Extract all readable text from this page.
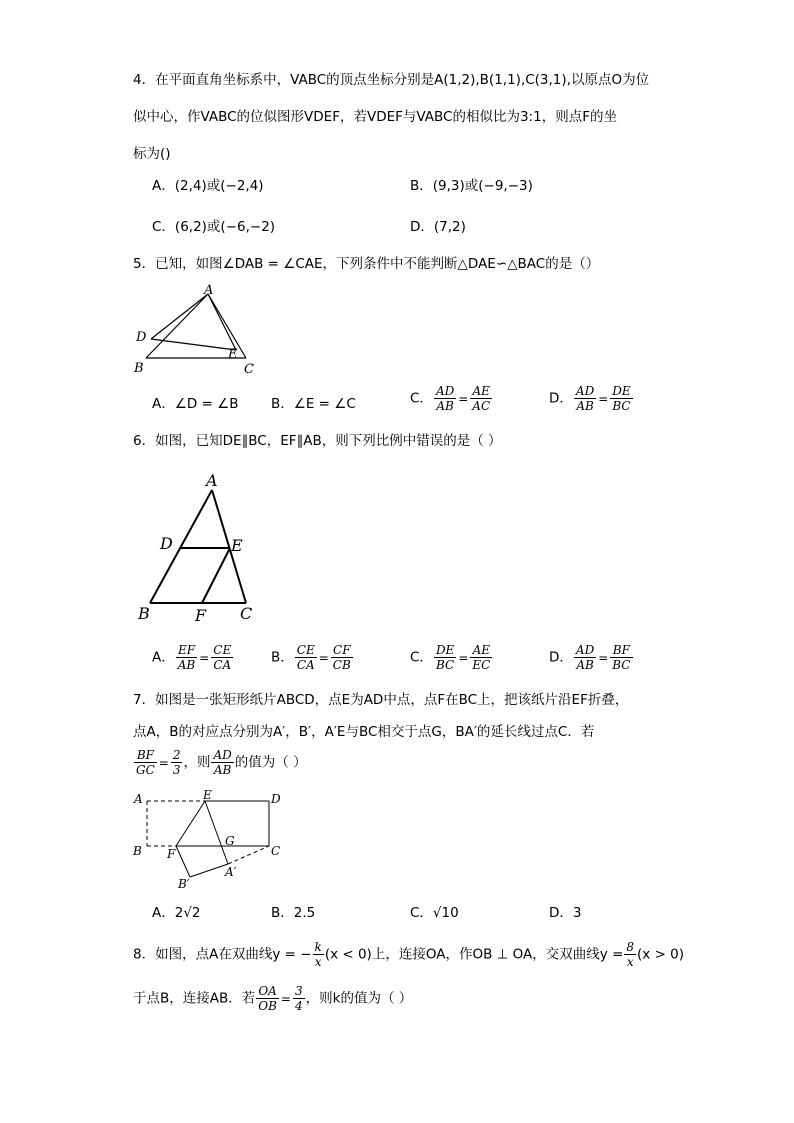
4．在平面直角坐标系中，VABC的顶点坐标分别是A(1,2),B(1,1),C(3,1),以原点O为位
似中心，作VABC的位似图形VDEF，若VDEF与VABC的相似比为3:1，则点F的坐
标为()
A．(2,4)或(−2,4)	B．(9,3)或(−9,−3)
C．(6,2)或(−6,−2)	D．(7,2)
5．已知，如图∠DAB = ∠CAE，下列条件中不能判断△DAE∽△BAC的是（）
A
D
E
B	C
A．∠D = ∠B B．∠E = ∠C	C． $\frac{AD}{AB} = \frac{AE}{AC}$	D． $\frac{AD}{AB} = \frac{DE}{BC}$
6．如图，已知DE∥BC，EF∥AB，则下列比例中错误的是（ ）
A
D	E
B	F C
A． $\frac{EF}{AB} = \frac{CE}{CA}$	B． $\frac{CE}{CA} = \frac{CF}{CB}$	C． $\frac{DE}{BC} = \frac{AE}{EC}$	D． $\frac{AD}{AB} = \frac{BF}{BC}$
7．如图是一张矩形纸片ABCD，点E为AD中点，点F在BC上，把该纸片沿EF折叠，
点A，B的对应点分别为A′，B′，A′E与BC相交于点G，BA′的延长线过点C．若
$\frac{BF}{GC} = \frac{2}{3}$ ，则 $\frac{AD}{AB}$ 的值为（ ）
A	E	D
B F
G
C
B′
A′
A．2√2	B．2.5	C．√10	D．3
8．如图，点A在双曲线y = − $\frac{k}{x} (x < 0)$上，连接OA，作OB ⊥ OA，交双曲线$y = \frac{8}{x} (x > 0)$
于点B，连接AB．若 $\frac{OA}{OB} = \frac{3}{4}$ ，则k的值为（ ）
